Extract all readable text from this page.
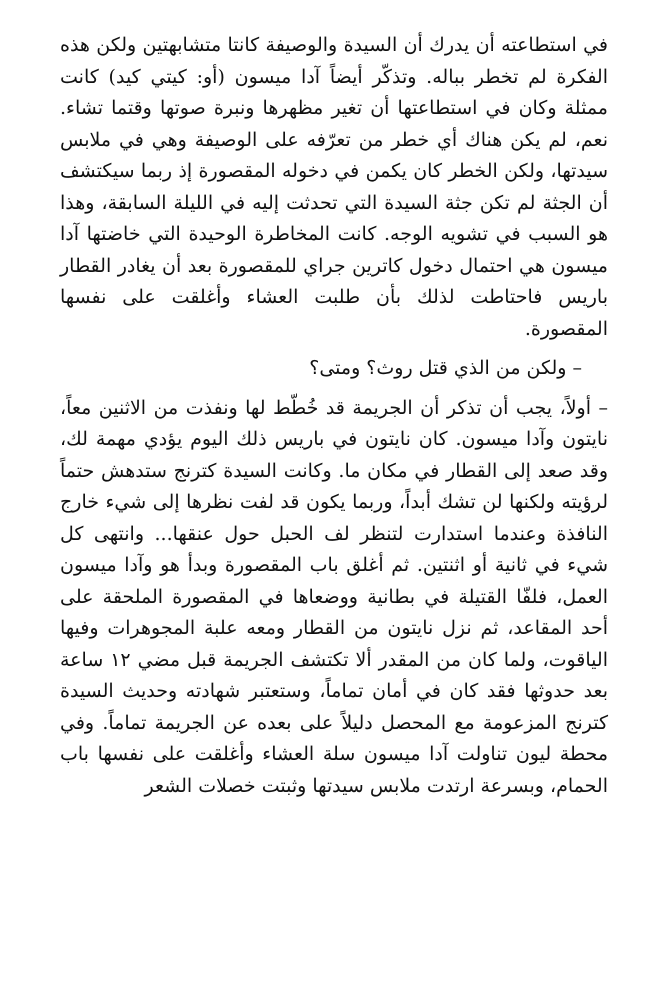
في استطاعته أن يدرك أن السيدة والوصيفة كانتا متشابهتين ولكن هذه الفكرة لم تخطر بباله. وتذكّر أيضاً آدا ميسون (أو: كيتي كيد) كانت ممثلة وكان في استطاعتها أن تغير مظهرها ونبرة صوتها وقتما تشاء. نعم، لم يكن هناك أي خطر من تعرّفه على الوصيفة وهي في ملابس سيدتها، ولكن الخطر كان يكمن في دخوله المقصورة إذ ربما سيكتشف أن الجثة لم تكن جثة السيدة التي تحدثت إليه في الليلة السابقة، وهذا هو السبب في تشويه الوجه. كانت المخاطرة الوحيدة التي خاضتها آدا ميسون هي احتمال دخول كاترين جراي للمقصورة بعد أن يغادر القطار باريس فاحتاطت لذلك بأن طلبت العشاء وأغلقت على نفسها المقصورة.

– ولكن من الذي قتل روث؟ ومتى؟

– أولاً، يجب أن تذكر أن الجريمة قد خُطّط لها ونفذت من الاثنين معاً، نايتون وآدا ميسون. كان نايتون في باريس ذلك اليوم يؤدي مهمة لك، وقد صعد إلى القطار في مكان ما. وكانت السيدة كترنج ستدهش حتماً لرؤيته ولكنها لن تشك أبداً، وربما يكون قد لفت نظرها إلى شيء خارج النافذة وعندما استدارت لتنظر لف الحبل حول عنقها... وانتهى كل شيء في ثانية أو اثنتين. ثم أغلق باب المقصورة وبدأ هو وآدا ميسون العمل، فلفّا القتيلة في بطانية ووضعاها في المقصورة الملحقة على أحد المقاعد، ثم نزل نايتون من القطار ومعه علبة المجوهرات وفيها الياقوت، ولما كان من المقدر ألا تكتشف الجريمة قبل مضي ١٢ ساعة بعد حدوثها فقد كان في أمان تماماً، وستعتبر شهادته وحديث السيدة كترنج المزعومة مع المحصل دليلاً على بعده عن الجريمة تماماً. وفي محطة ليون تناولت آدا ميسون سلة العشاء وأغلقت على نفسها باب الحمام، وبسرعة ارتدت ملابس سيدتها وثبتت خصلات الشعر
